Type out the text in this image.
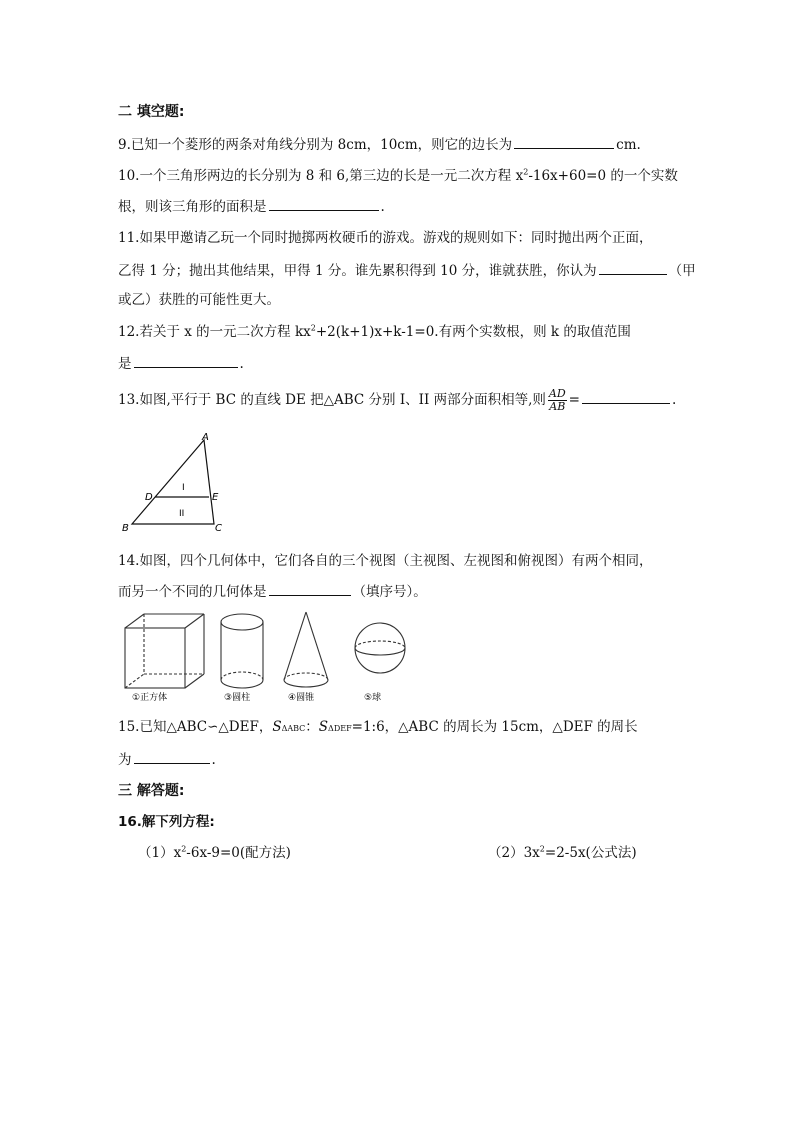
二 填空题:
9.已知一个菱形的两条对角线分别为 8cm，10cm，则它的边长为	cm.
10.一个三角形两边的长分别为 8 和 6,第三边的长是一元二次方程 $x^2-16x+60=0$ 的一个实数
根，则该三角形的面积是	.
11.如果甲邀请乙玩一个同时抛掷两枚硬币的游戏。游戏的规则如下：同时抛出两个正面，
乙得 1 分；抛出其他结果，甲得 1 分。谁先累积得到 10 分，谁就获胜，你认为	（甲
或乙）获胜的可能性更大。
12.若关于 x 的一元二次方程 $kx^2+2(k+1)x+k-1=0$.有两个实数根，则 k 的取值范围
是	.
13.如图,平行于 BC 的直线 DE 把△ABC 分别 I、II 两部分面积相等,则 $\frac{AD}{AB}$ =	.
A
B	C
D	E
I
II
14.如图，四个几何体中，它们各自的三个视图（主视图、左视图和俯视图）有两个相同，
而另一个不同的几何体是	（填序号）。
①正方体	③圆柱	④圆锥	⑤球
15.已知△ABC∽△DEF，SΔABC：SΔDEF=1:6，△ABC 的周长为 15cm，△DEF 的周长
为	.
三 解答题:
16.解下列方程:
$(1)x^2-6x-9=0$(配方法)	$(2)3x^2=2-5x$(公式法)
